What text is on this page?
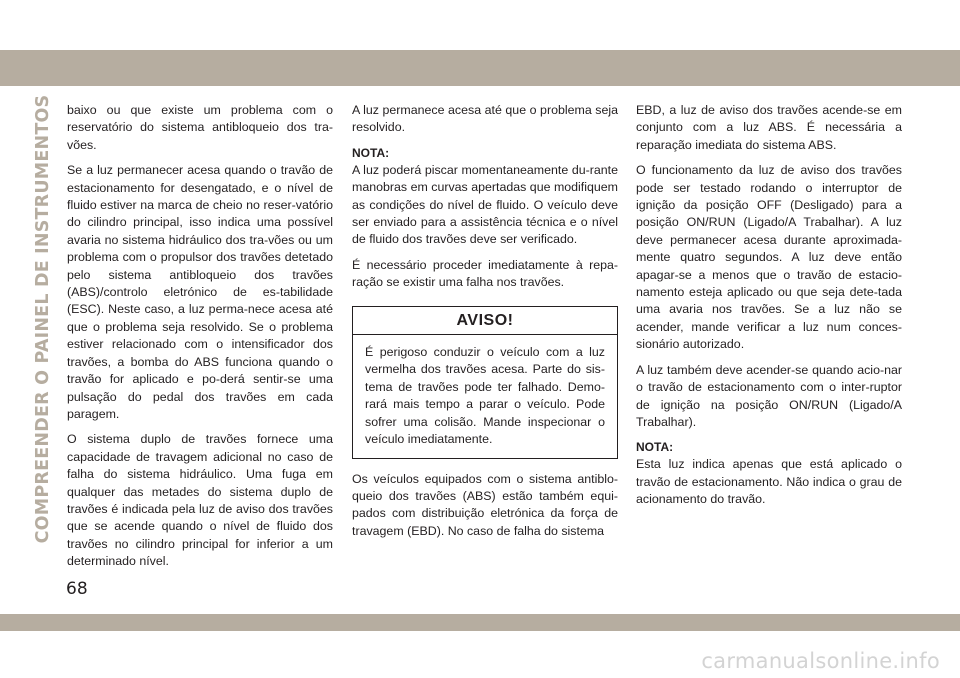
COMPREENDER O PAINEL DE INSTRUMENTOS baixo ou que existe um problema com o reservatório do sistema antibloqueio dos tra-vões.

Se a luz permanecer acesa quando o travão de estacionamento for desengatado, e o nível de fluido estiver na marca de cheio no reser-vatório do cilindro principal, isso indica uma possível avaria no sistema hidráulico dos tra-vões ou um problema com o propulsor dos travões detetado pelo sistema antibloqueio dos travões (ABS)/controlo eletrónico de es-tabilidade (ESC). Neste caso, a luz perma-nece acesa até que o problema seja resolvido. Se o problema estiver relacionado com o intensificador dos travões, a bomba do ABS funciona quando o travão for aplicado e po-derá sentir-se uma pulsação do pedal dos travões em cada paragem.

O sistema duplo de travões fornece uma capacidade de travagem adicional no caso de falha do sistema hidráulico. Uma fuga em qualquer das metades do sistema duplo de travões é indicada pela luz de aviso dos travões que se acende quando o nível de fluido dos travões no cilindro principal for inferior a um determinado nível.

A luz permanece acesa até que o problema seja resolvido.

NOTA:

A luz poderá piscar momentaneamente du-rante manobras em curvas apertadas que modifiquem as condições do nível de fluido. O veículo deve ser enviado para a assistência técnica e o nível de fluido dos travões deve ser verificado.

É necessário proceder imediatamente à repa-ração se existir uma falha nos travões.

AVISO!

É perigoso conduzir o veículo com a luz vermelha dos travões acesa. Parte do sis-tema de travões pode ter falhado. Demo-rará mais tempo a parar o veículo. Pode sofrer uma colisão. Mande inspecionar o veículo imediatamente.

Os veículos equipados com o sistema antiblo-queio dos travões (ABS) estão também equi-pados com distribuição eletrónica da força de travagem (EBD). No caso de falha do sistema

EBD, a luz de aviso dos travões acende-se em conjunto com a luz ABS. É necessária a reparação imediata do sistema ABS.

O funcionamento da luz de aviso dos travões pode ser testado rodando o interruptor de ignição da posição OFF (Desligado) para a posição ON/RUN (Ligado/A Trabalhar). A luz deve permanecer acesa durante aproximada-mente quatro segundos. A luz deve então apagar-se a menos que o travão de estacio-namento esteja aplicado ou que seja dete-tada uma avaria nos travões. Se a luz não se acender, mande verificar a luz num conces-sionário autorizado.

A luz também deve acender-se quando acio-nar o travão de estacionamento com o inter-ruptor de ignição na posição ON/RUN (Ligado/A Trabalhar).

NOTA:

Esta luz indica apenas que está aplicado o travão de estacionamento. Não indica o grau de acionamento do travão.

68
carmanualsonline.info
